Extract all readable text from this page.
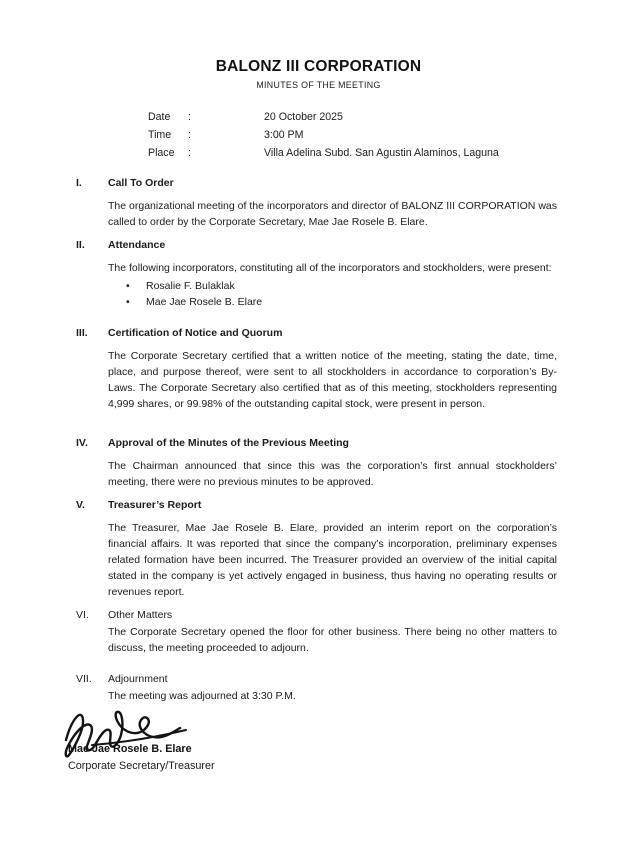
BALONZ III CORPORATION
MINUTES OF THE MEETING
Date :	20 October 2025
Time :	3:00 PM
Place :	Villa Adelina Subd. San Agustin Alaminos, Laguna
I.	Call To Order

The organizational meeting of the incorporators and director of BALONZ III CORPORATION was called to order by the Corporate Secretary, Mae Jae Rosele B. Elare.

II.	Attendance

The following incorporators, constituting all of the incorporators and stockholders, were present:

•
Rosalie F. Bulaklak
•
Mae Jae Rosele B. Elare
III.	Certification of Notice and Quorum

The Corporate Secretary certified that a written notice of the meeting, stating the date, time, place, and purpose thereof, were sent to all stockholders in accordance to corporation’s By-Laws. The Corporate Secretary also certified that as of this meeting, stockholders representing 4,999 shares, or 99.98% of the outstanding capital stock, were present in person.

IV.	Approval of the Minutes of the Previous Meeting

The Chairman announced that since this was the corporation’s first annual stockholders’ meeting, there were no previous minutes to be approved.

V.	Treasurer’s Report

The Treasurer, Mae Jae Rosele B. Elare, provided an interim report on the corporation’s financial affairs. It was reported that since the company’s incorporation, preliminary expenses related formation have been incurred. The Treasurer provided an overview of the initial capital stated in the company is yet actively engaged in business, thus having no operating results or revenues report.

VI.	Other Matters

The Corporate Secretary opened the floor for other business. There being no other matters to discuss, the meeting proceeded to adjourn.

VII.	Adjournment

The meeting was adjourned at 3:30 P.M.

Mae Jae Rosele B. Elare
Corporate Secretary/Treasurer
